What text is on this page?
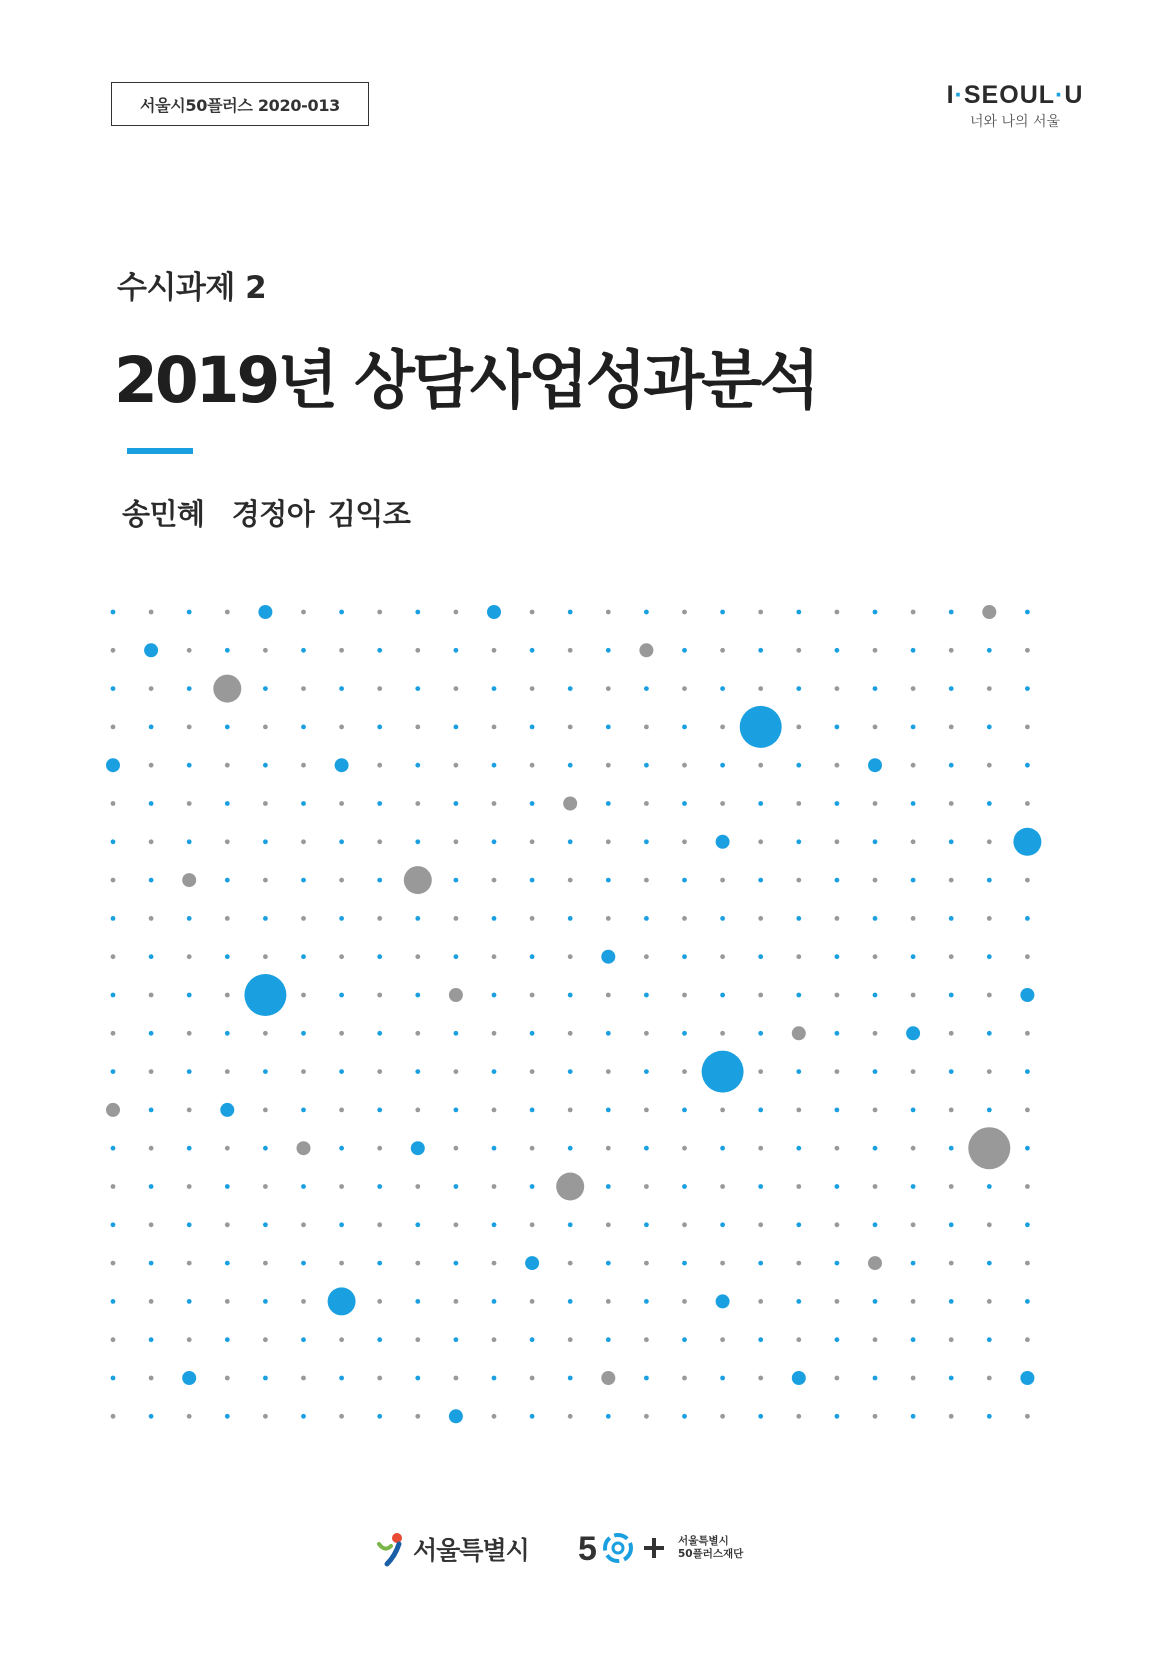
서울시50플러스 2020-013	I·SEOUL·U
너와 나의 서울
수시과제 2
2019년 상담사업성과분석
송민혜  경정아 김익조
서울특별시 5	서울특별시
50플러스재단
